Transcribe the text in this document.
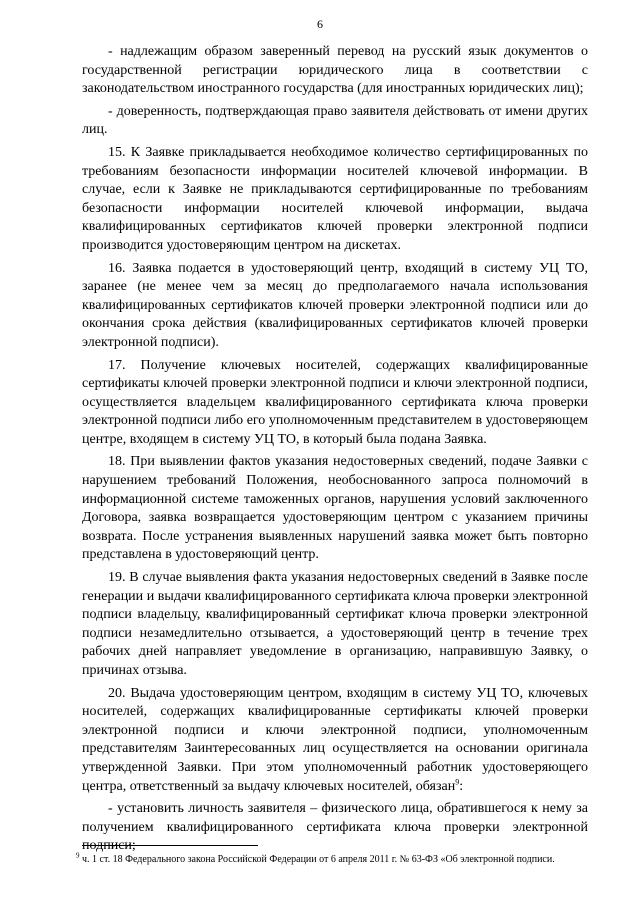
6

- надлежащим образом заверенный перевод на русский язык документов о государственной регистрации юридического лица в соответствии с законодательством иностранного государства (для иностранных юридических лиц);

- доверенность, подтверждающая право заявителя действовать от имени других лиц.

15. К Заявке прикладывается необходимое количество сертифицированных по требованиям безопасности информации носителей ключевой информации. В случае, если к Заявке не прикладываются сертифицированные по требованиям безопасности информации носителей ключевой информации, выдача квалифицированных сертификатов ключей проверки электронной подписи производится удостоверяющим центром на дискетах.

16. Заявка подается в удостоверяющий центр, входящий в систему УЦ ТО, заранее (не менее чем за месяц до предполагаемого начала использования квалифицированных сертификатов ключей проверки электронной подписи или до окончания срока действия (квалифицированных сертификатов ключей проверки электронной подписи).

17. Получение ключевых носителей, содержащих квалифицированные сертификаты ключей проверки электронной подписи и ключи электронной подписи, осуществляется владельцем квалифицированного сертификата ключа проверки электронной подписи либо его уполномоченным представителем в удостоверяющем центре, входящем в систему УЦ ТО, в который была подана Заявка.

18. При выявлении фактов указания недостоверных сведений, подаче Заявки с нарушением требований Положения, необоснованного запроса полномочий в информационной системе таможенных органов, нарушения условий заключенного Договора, заявка возвращается удостоверяющим центром с указанием причины возврата. После устранения выявленных нарушений заявка может быть повторно представлена в удостоверяющий центр.

19. В случае выявления факта указания недостоверных сведений в Заявке после генерации и выдачи квалифицированного сертификата ключа проверки электронной подписи владельцу, квалифицированный сертификат ключа проверки электронной подписи незамедлительно отзывается, а удостоверяющий центр в течение трех рабочих дней направляет уведомление в организацию, направившую Заявку, о причинах отзыва.

20. Выдача удостоверяющим центром, входящим в систему УЦ ТО, ключевых носителей, содержащих квалифицированные сертификаты ключей проверки электронной подписи и ключи электронной подписи, уполномоченным представителям Заинтересованных лиц осуществляется на основании оригинала утвержденной Заявки. При этом уполномоченный работник удостоверяющего центра, ответственный за выдачу ключевых носителей, обязан$^9$:

- установить личность заявителя – физического лица, обратившегося к нему за получением квалифицированного сертификата ключа проверки электронной подписи;

$^9$ ч. 1 ст. 18 Федерального закона Российской Федерации от 6 апреля 2011 г. № 63-ФЗ «Об электронной подписи.
